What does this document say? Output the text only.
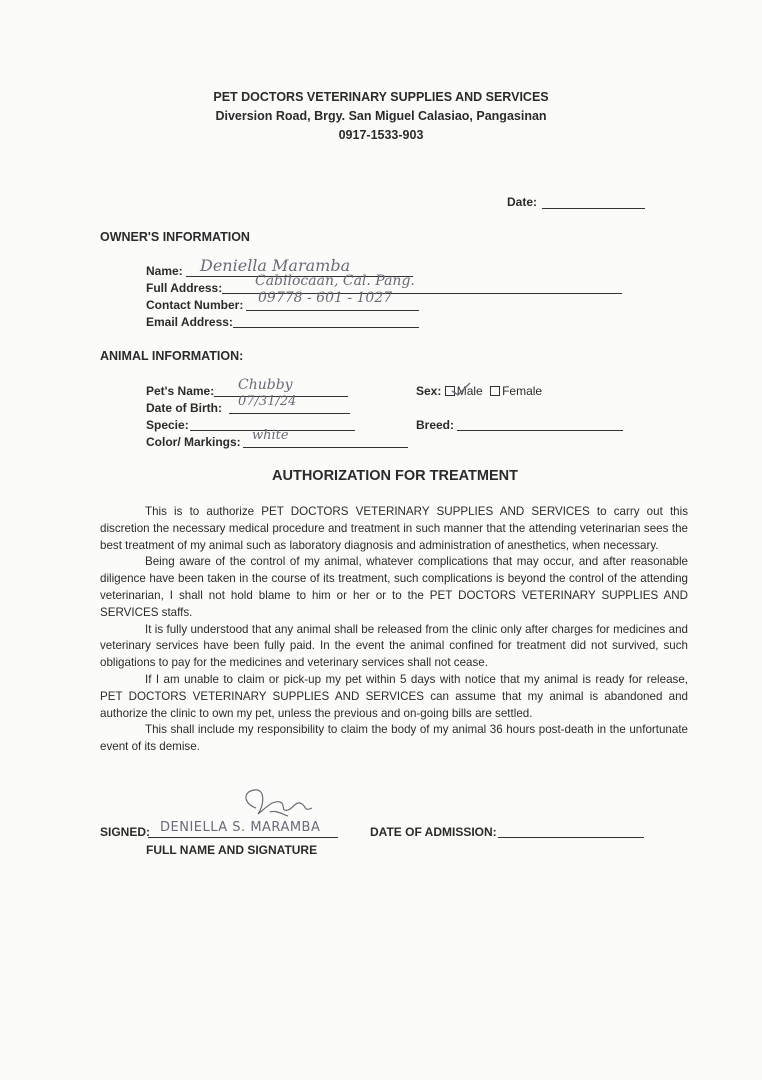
PET DOCTORS VETERINARY SUPPLIES AND SERVICES
Diversion Road, Brgy. San Miguel Calasiao, Pangasinan
0917-1533-903
Date:
OWNER'S INFORMATION
Name: Deniella Maramba
Full Address: Cabilocaan, Cal. Pang.
Contact Number: 09778 - 601 - 1027
Email Address:
ANIMAL INFORMATION:
Pet's Name: Chubby
Date of Birth: 07/31/24
Specie:
Color/ Markings: white
Sex: Male Female
Breed:
AUTHORIZATION FOR TREATMENT

This is to authorize PET DOCTORS VETERINARY SUPPLIES AND SERVICES to carry out this discretion the necessary medical procedure and treatment in such manner that the attending veterinarian sees the best treatment of my animal such as laboratory diagnosis and administration of anesthetics, when necessary.

Being aware of the control of my animal, whatever complications that may occur, and after reasonable diligence have been taken in the course of its treatment, such complications is beyond the control of the attending veterinarian, I shall not hold blame to him or her or to the PET DOCTORS VETERINARY SUPPLIES AND SERVICES staffs.

It is fully understood that any animal shall be released from the clinic only after charges for medicines and veterinary services have been fully paid. In the event the animal confined for treatment did not survived, such obligations to pay for the medicines and veterinary services shall not cease.

If I am unable to claim or pick-up my pet within 5 days with notice that my animal is ready for release, PET DOCTORS VETERINARY SUPPLIES AND SERVICES can assume that my animal is abandoned and authorize the clinic to own my pet, unless the previous and on-going bills are settled.

This shall include my responsibility to claim the body of my animal 36 hours post-death in the unfortunate event of its demise.

SIGNED: DENIELLA S. MARAMBA
FULL NAME AND SIGNATURE
DATE OF ADMISSION:
